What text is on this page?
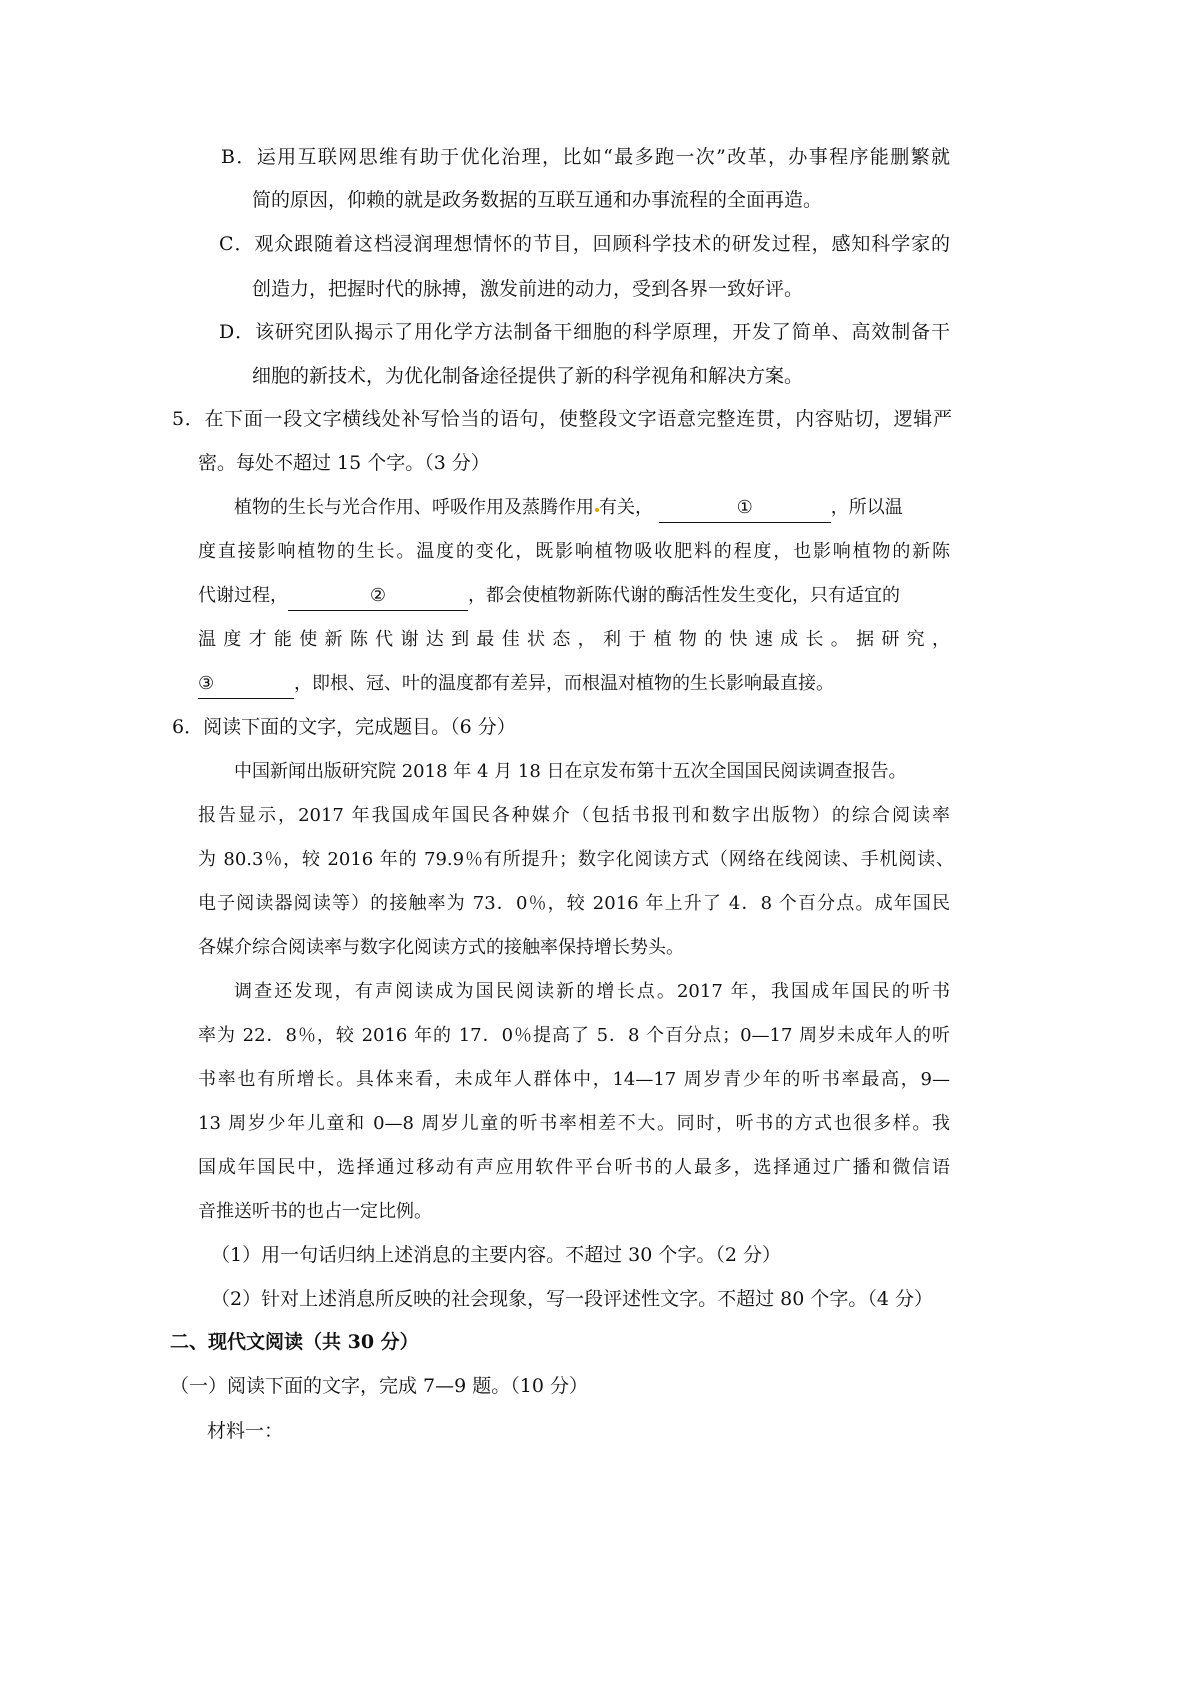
B．运用互联网思维有助于优化治理，比如“最多跑一次”改革，办事程序能删繁就

简的原因，仰赖的就是政务数据的互联互通和办事流程的全面再造。

C．观众跟随着这档浸润理想情怀的节目，回顾科学技术的研发过程，感知科学家的

创造力，把握时代的脉搏，激发前进的动力，受到各界一致好评。

D．该研究团队揭示了用化学方法制备干细胞的科学原理，开发了简单、高效制备干

细胞的新技术，为优化制备途径提供了新的科学视角和解决方案。

5．在下面一段文字横线处补写恰当的语句，使整段文字语意完整连贯，内容贴切，逻辑严

密。每处不超过 15 个字。（3 分）

植物的生长与光合作用、呼吸作用及蒸腾作用 有关，	①	，所以温

度直接影响植物的生长。温度的变化，既影响植物吸收肥料的程度，也影响植物的新陈

代谢过程，	②	，都会使植物新陈代谢的酶活性发生变化，只有适宜的

温度才能使新陈代谢达到最佳状态，利于植物的快速成长。据研究，

③	，即根、冠、叶的温度都有差异，而根温对植物的生长影响最直接。

6．阅读下面的文字，完成题目。（6 分）

中国新闻出版研究院 2018 年 4 月 18 日在京发布第十五次全国国民阅读调查报告。

报告显示，2017 年我国成年国民各种媒介（包括书报刊和数字出版物）的综合阅读率

为 80.3％，较 2016 年的 79.9％有所提升；数字化阅读方式（网络在线阅读、手机阅读、

电子阅读器阅读等）的接触率为 73．0％，较 2016 年上升了 4．8 个百分点。成年国民

各媒介综合阅读率与数字化阅读方式的接触率保持增长势头。

调查还发现，有声阅读成为国民阅读新的增长点。2017 年，我国成年国民的听书

率为 22．8％，较 2016 年的 17．0％提高了 5．8 个百分点；0—17 周岁未成年人的听

书率也有所增长。具体来看，未成年人群体中，14—17 周岁青少年的听书率最高，9—

13 周岁少年儿童和 0—8 周岁儿童的听书率相差不大。同时，听书的方式也很多样。我

国成年国民中，选择通过移动有声应用软件平台听书的人最多，选择通过广播和微信语

音推送听书的也占一定比例。

（1）用一句话归纳上述消息的主要内容。不超过 30 个字。（2 分）

（2）针对上述消息所反映的社会现象，写一段评述性文字。不超过 80 个字。（4 分）

二、现代文阅读（共 30 分）

（一）阅读下面的文字，完成 7—9 题。（10 分）

材料一：
